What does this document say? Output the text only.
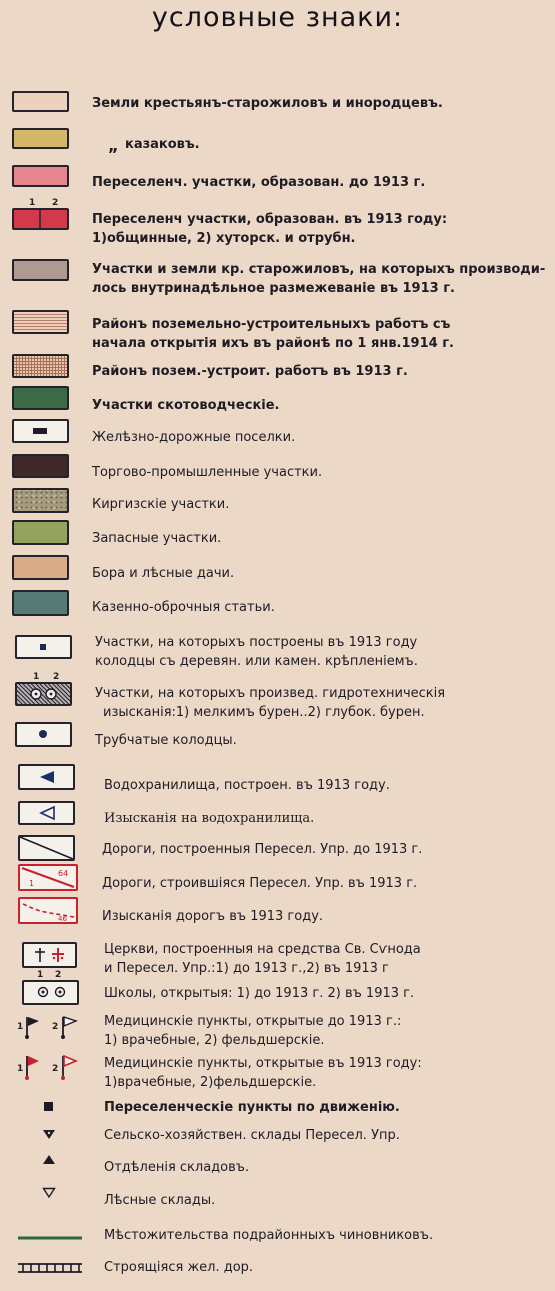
условные знаки:
Земли крестьянъ-старожиловъ и инородцевъ.
„ казаковъ.
Переселенч. участки, образован. до 1913 г.
1 2
Переселенч участки, образован. въ 1913 году:
1)общинные, 2) хуторск. и отрубн.
Участки и земли кр. старожиловъ, на которыхъ производи-
лось внутринадѣльное размежеваніе въ 1913 г.
Районъ поземельно-устроительныхъ работъ съ
начала открытія ихъ въ районѣ по 1 янв.1914 г.
Районъ позем.-устроит. работъ въ 1913 г.
Участки скотоводческіе.
Желѣзно-дорожные поселки.
Торгово-промышленные участки.
Киргизскіе участки.
Запасные участки.
Бора и лѣсные дачи.
Казенно-оброчныя статьи.
Участки, на которыхъ построены въ 1913 году
колодцы съ деревян. или камен. крѣпленіемъ.
1 2
Участки, на которыхъ произвед. гидротехническія
изысканія:1) мелкимъ бурен..2) глубок. бурен.
Трубчатые колодцы.
Водохранилища, построен. въ 1913 году.
Изысканія на водохранилища.
Дороги, построенныя Пересел. Упр. до 1913 г.
1
64
Дороги, строившіяся Пересел. Упр. въ 1913 г.
46	Изысканія дорогъ въ 1913 году.
Церкви, построенныя на средства Св. Сѵнода
и Пересел. Упр.:1) до 1913 г.,2) въ 1913 г
1 2
Школы, открытыя: 1) до 1913 г. 2) въ 1913 г.
1	2	Медицинскіе пункты, открытые до 1913 г.:
1) врачебные, 2) фельдшерскіе.
1	2	Медицинскіе пункты, открытые въ 1913 году:
1)врачебные, 2)фельдшерскіе.
Переселенческіе пункты по движенію.
Сельско-хозяйствен. склады Пересел. Упр.
Отдѣленія складовъ.
Лѣсные склады.
Мѣстожительства подрайонныхъ чиновниковъ.
Строящіяся жел. дор.
